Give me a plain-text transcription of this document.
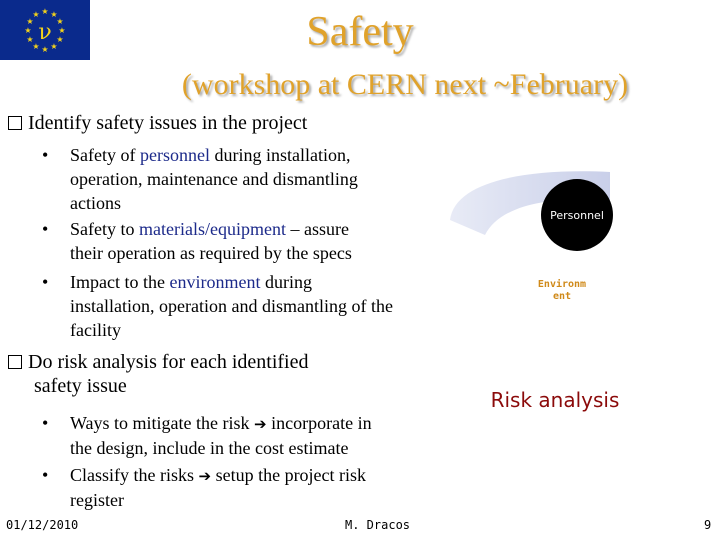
★ ★
★
★
★
★
★
★
★
★
★
★
ν	Safety
(workshop at CERN next ~February)
Identify safety issues in the project
• Safety of personnel during installation,
operation, maintenance and dismantling
actions
• Safety to materials/equipment – assure
their operation as required by the specs
• Impact to the environment during
installation, operation and dismantling of the
facility
Do risk analysis for each identified
safety issue
• Ways to mitigate the risk ➔ incorporate in
the design, include in the cost estimate
• Classify the risks ➔ setup the project risk
register
Personnel
Environm
ent
Risk analysis
01/12/2010	M. Dracos	9
